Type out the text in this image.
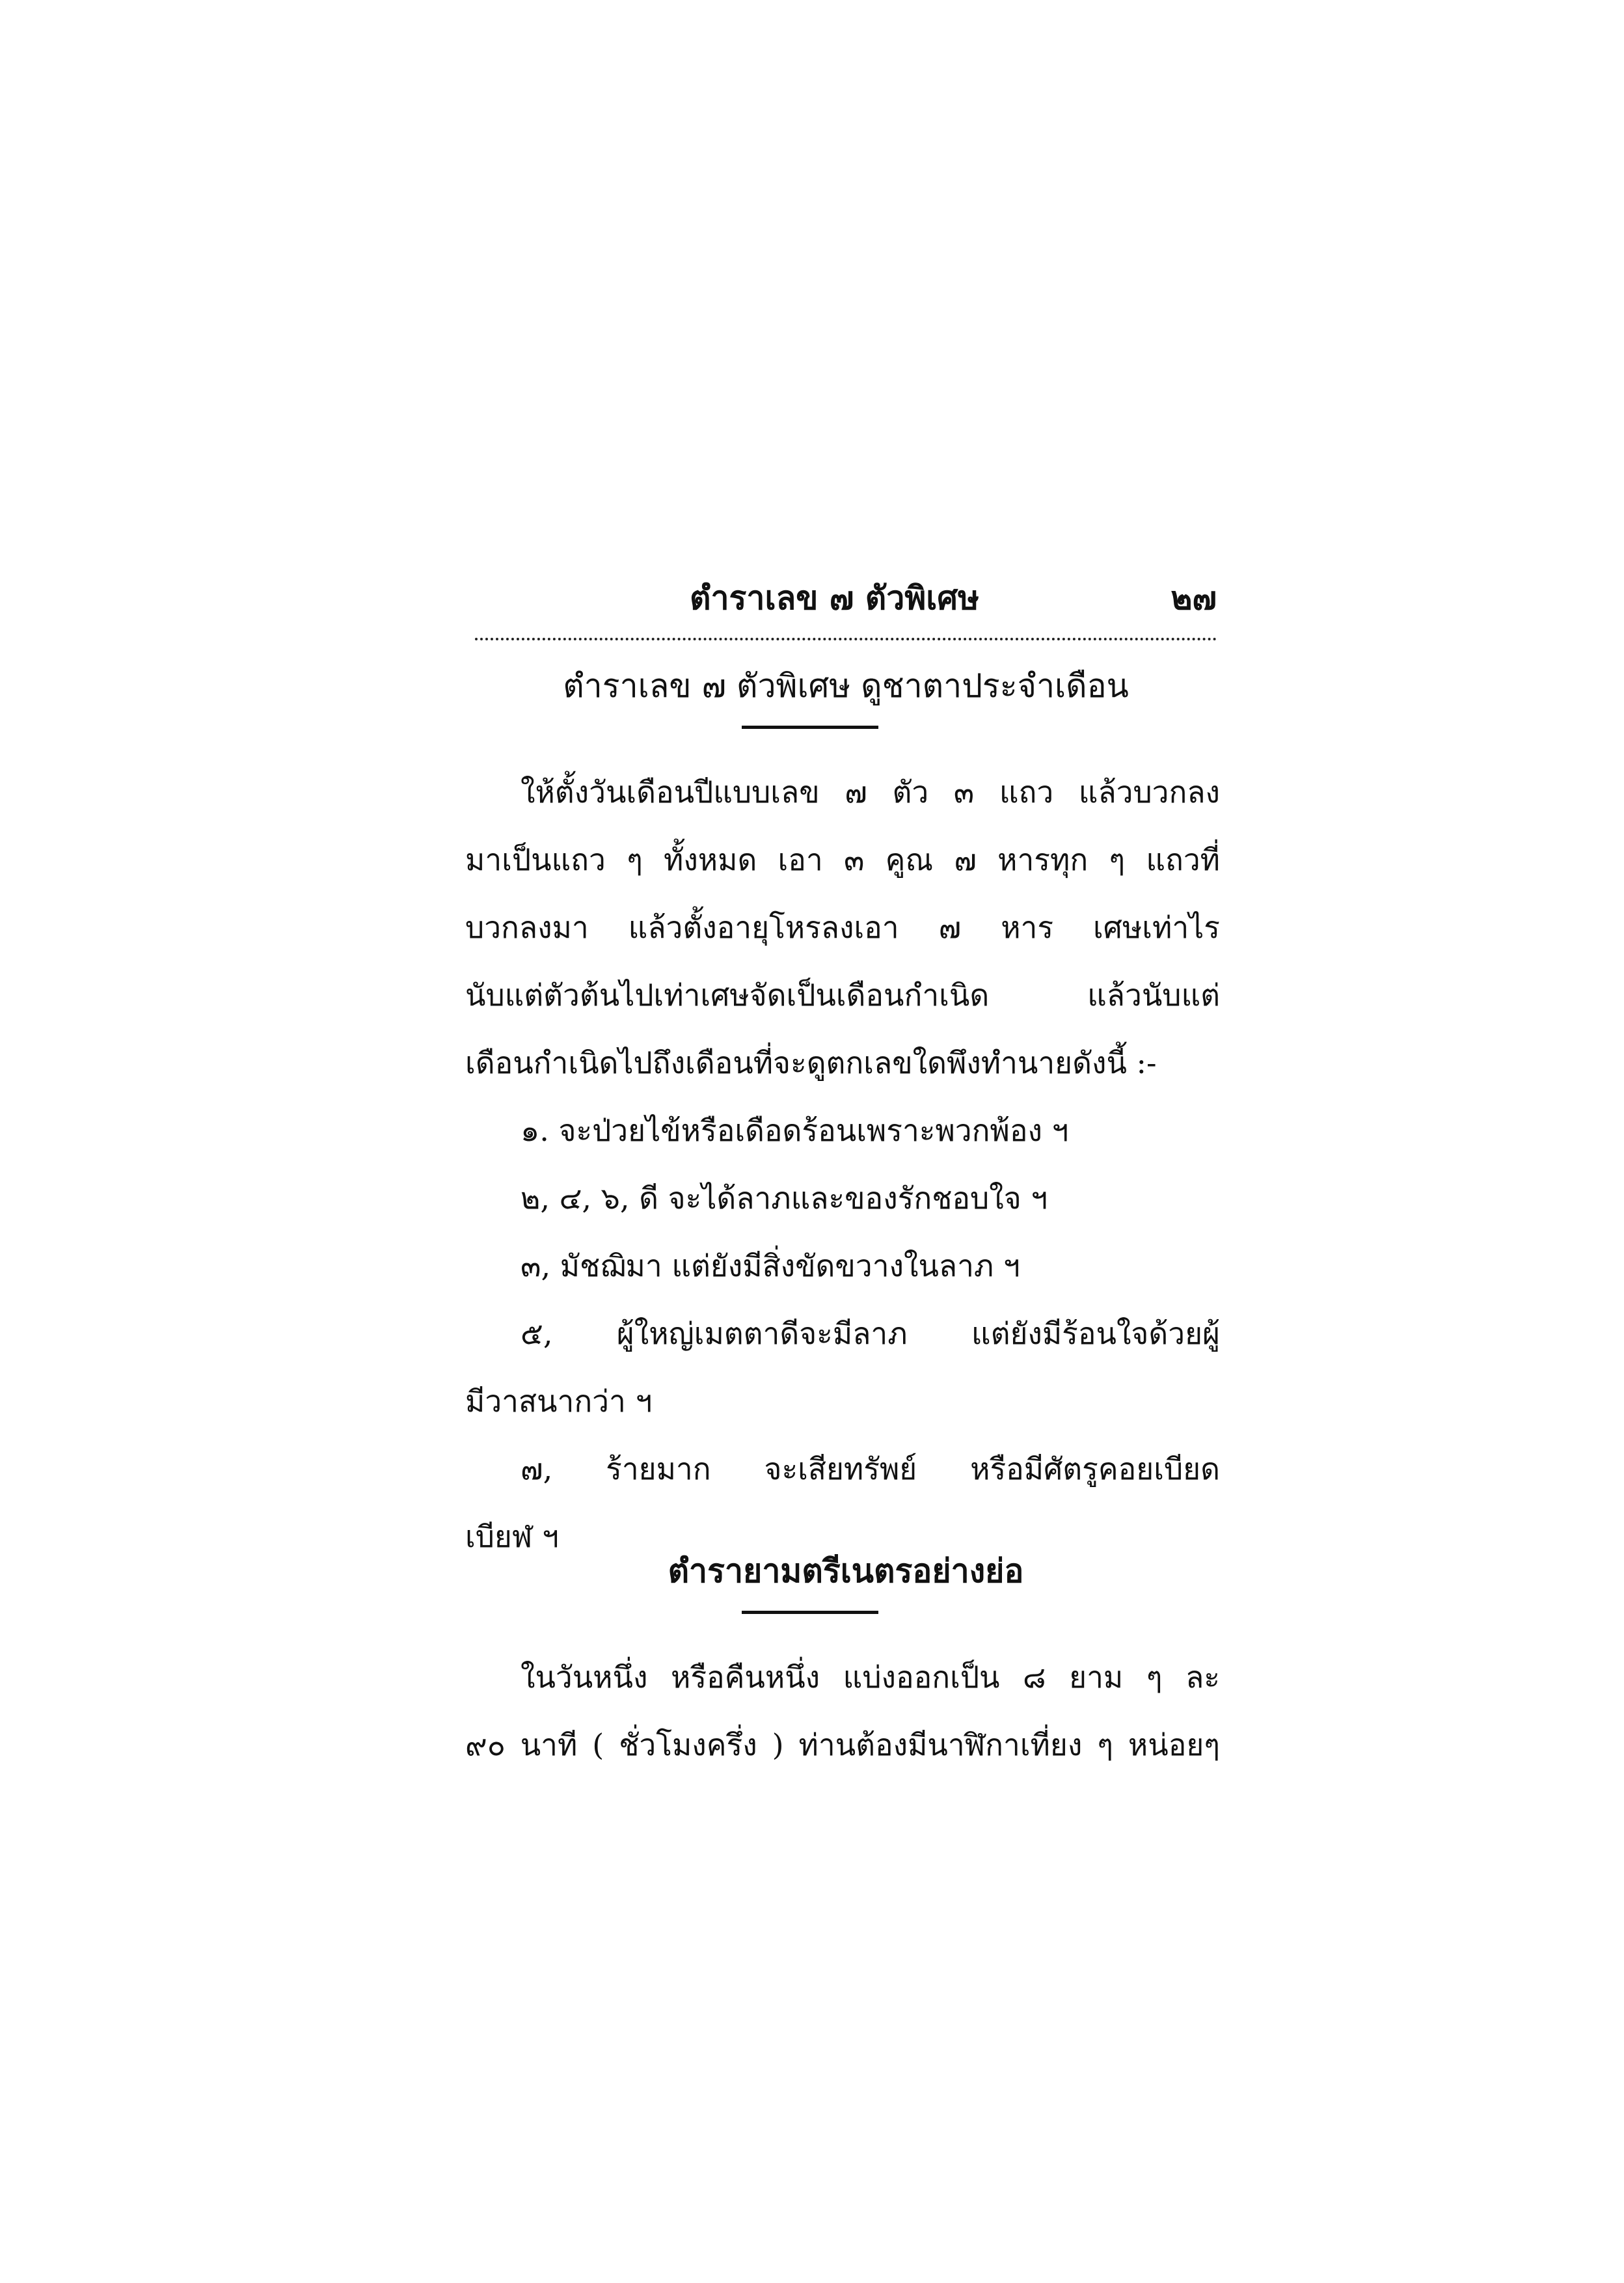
ตำราเลข ๗ ตัวพิเศษ	๒๗
ตำราเลข ๗ ตัวพิเศษ ดูชาตาประจำเดือน
ให้ตั้งวันเดือนปีแบบเลข ๗ ตัว ๓ แถว แล้วบวกลง
มาเป็นแถว ๆ ทั้งหมด เอา ๓ คูณ ๗ หารทุก ๆ แถวที่
บวกลงมา แล้วตั้งอายุโหรลงเอา ๗ หาร เศษเท่าไร
นับแต่ตัวต้นไปเท่าเศษจัดเป็นเดือนกำเนิด แล้วนับแต่
เดือนกำเนิดไปถึงเดือนที่จะดูตกเลขใดพึงทำนายดังนี้ :-
๑. จะป่วยไข้หรือเดือดร้อนเพราะพวกพ้อง ฯ
๒, ๔, ๖, ดี จะได้ลาภและของรักชอบใจ ฯ
๓, มัชฌิมา แต่ยังมีสิ่งขัดขวางในลาภ ฯ
๕, ผู้ใหญ่เมตตาดีจะมีลาภ แต่ยังมีร้อนใจด้วยผู้
มีวาสนากว่า ฯ
๗, ร้ายมาก จะเสียทรัพย์ หรือมีศัตรูคอยเบียด
เบียฬ ฯ
ตำรายามตรีเนตรอย่างย่อ
ในวันหนึ่ง หรือคืนหนึ่ง แบ่งออกเป็น ๘ ยาม ๆ ละ
๙๐ นาที ( ชั่วโมงครึ่ง ) ท่านต้องมีนาฬิกาเที่ยง ๆ หน่อยๆ
